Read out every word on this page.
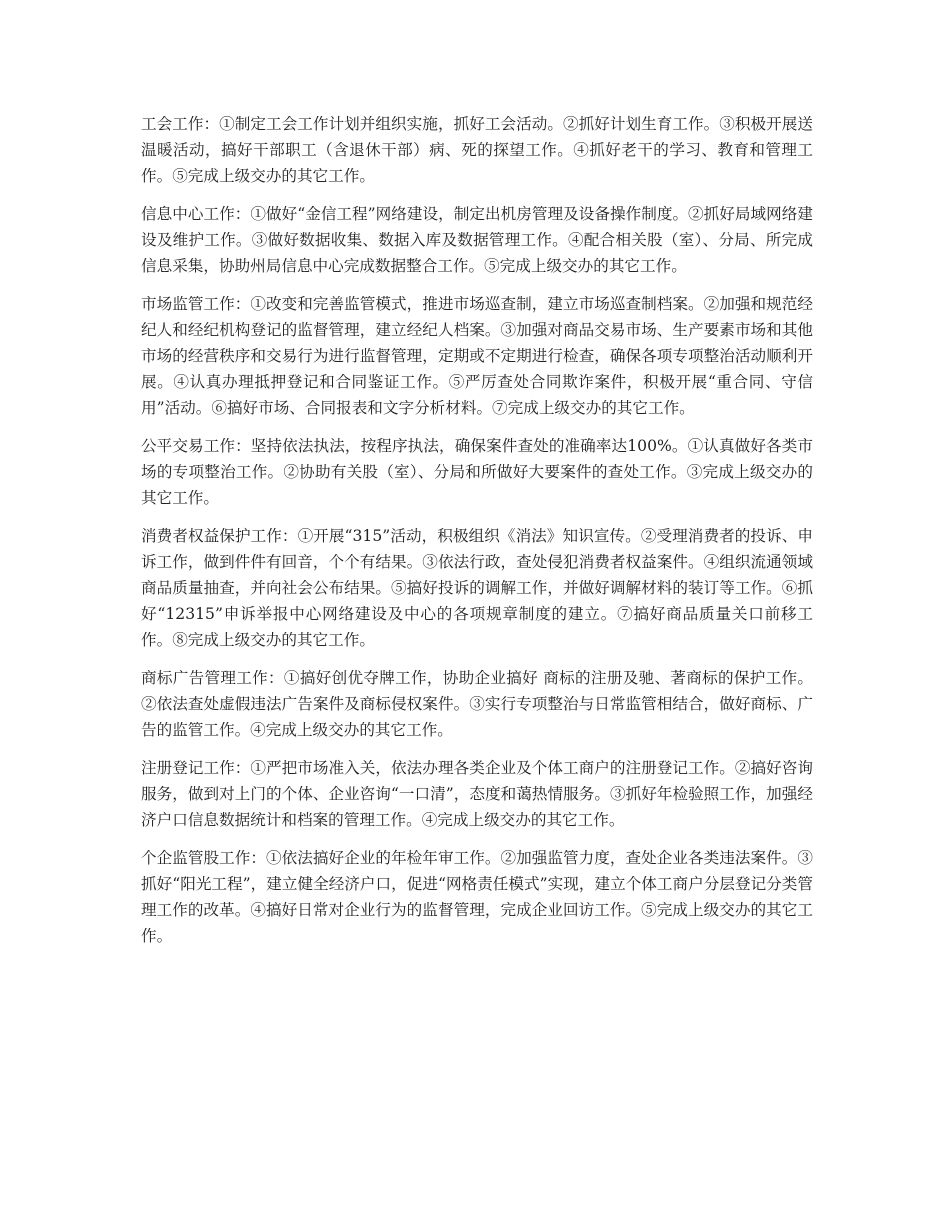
工会工作：①制定工会工作计划并组织实施，抓好工会活动。②抓好计划生育工作。③积极开展送温暖活动，搞好干部职工（含退休干部）病、死的探望工作。④抓好老干的学习、教育和管理工作。⑤完成上级交办的其它工作。

信息中心工作：①做好“金信工程”网络建设，制定出机房管理及设备操作制度。②抓好局域网络建设及维护工作。③做好数据收集、数据入库及数据管理工作。④配合相关股（室）、分局、所完成信息采集，协助州局信息中心完成数据整合工作。⑤完成上级交办的其它工作。

市场监管工作：①改变和完善监管模式，推进市场巡查制，建立市场巡查制档案。②加强和规范经纪人和经纪机构登记的监督管理，建立经纪人档案。③加强对商品交易市场、生产要素市场和其他市场的经营秩序和交易行为进行监督管理，定期或不定期进行检查，确保各项专项整治活动顺利开展。④认真办理抵押登记和合同鉴证工作。⑤严厉查处合同欺诈案件，积极开展“重合同、守信用”活动。⑥搞好市场、合同报表和文字分析材料。⑦完成上级交办的其它工作。

公平交易工作：坚持依法执法，按程序执法，确保案件查处的准确率达100%。①认真做好各类市场的专项整治工作。②协助有关股（室）、分局和所做好大要案件的查处工作。③完成上级交办的其它工作。

消费者权益保护工作：①开展“315”活动，积极组织《消法》知识宣传。②受理消费者的投诉、申诉工作，做到件件有回音，个个有结果。③依法行政，查处侵犯消费者权益案件。④组织流通领域商品质量抽查，并向社会公布结果。⑤搞好投诉的调解工作，并做好调解材料的装订等工作。⑥抓好“12315”申诉举报中心网络建设及中心的各项规章制度的建立。⑦搞好商品质量关口前移工作。⑧完成上级交办的其它工作。

商标广告管理工作：①搞好创优夺牌工作，协助企业搞好 商标的注册及驰、著商标的保护工作。②依法查处虚假违法广告案件及商标侵权案件。③实行专项整治与日常监管相结合，做好商标、广告的监管工作。④完成上级交办的其它工作。

注册登记工作：①严把市场准入关，依法办理各类企业及个体工商户的注册登记工作。②搞好咨询服务，做到对上门的个体、企业咨询“一口清”，态度和蔼热情服务。③抓好年检验照工作，加强经济户口信息数据统计和档案的管理工作。④完成上级交办的其它工作。

个企监管股工作：①依法搞好企业的年检年审工作。②加强监管力度，查处企业各类违法案件。③抓好“阳光工程”，建立健全经济户口，促进“网格责任模式”实现，建立个体工商户分层登记分类管理工作的改革。④搞好日常对企业行为的监督管理，完成企业回访工作。⑤完成上级交办的其它工作。
